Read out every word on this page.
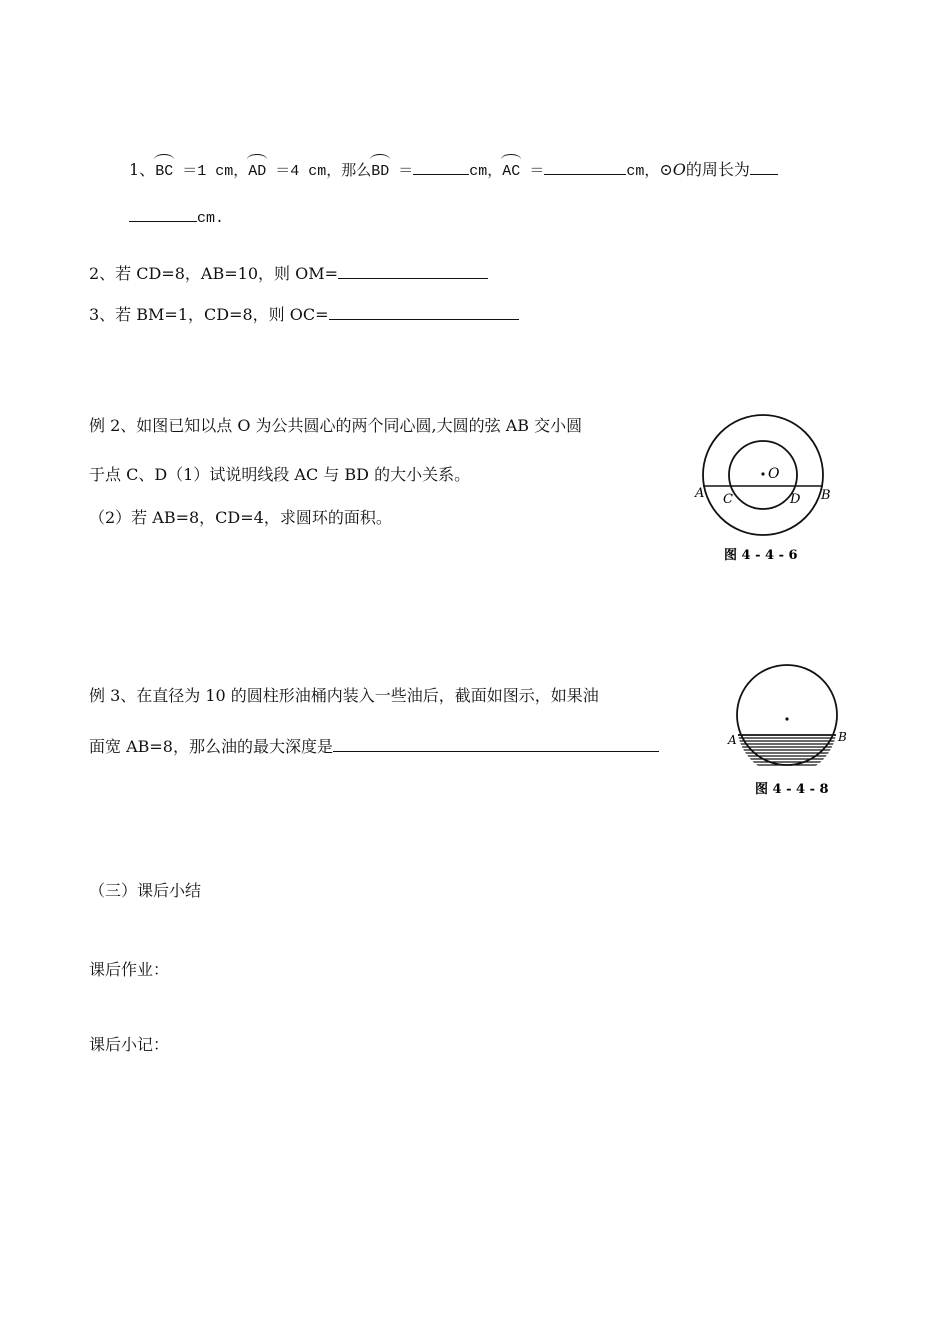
1、BC ＝1 cm，AD ＝4 cm，那么BD ＝	cm，AC ＝	cm，⊙O的周长为
cm.
2、若 CD=8，AB=10，则 OM=
3、若 BM=1，CD=8，则 OC=
例 2、如图已知以点 O 为公共圆心的两个同心圆,大圆的弦 AB 交小圆
于点 C、D（1）试说明线段 AC 与 BD 的大小关系。
（2）若 AB=8，CD=4，求圆环的面积。
O
A C	D B
图 4 - 4 - 6
例 3、在直径为 10 的圆柱形油桶内装入一些油后，截面如图示，如果油
面宽 AB=8，那么油的最大深度是	A	B
图 4 - 4 - 8
（三）课后小结
课后作业：
课后小记：
